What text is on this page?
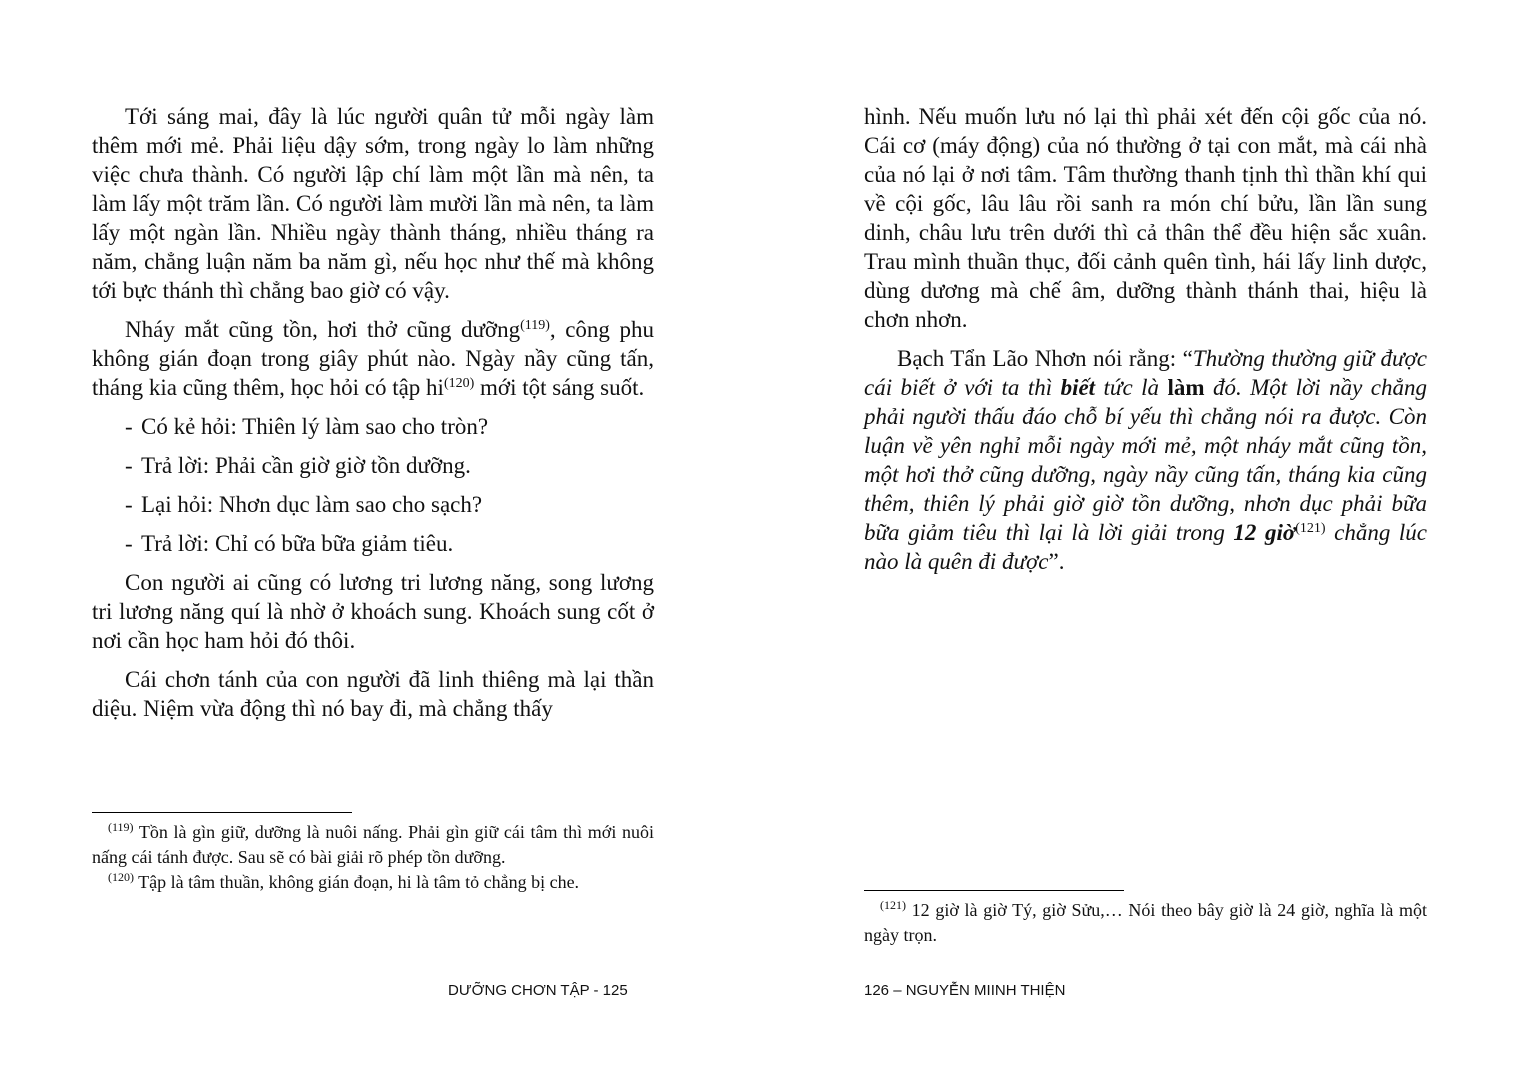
Tới sáng mai, đây là lúc người quân tử mỗi ngày làm thêm mới mẻ. Phải liệu dậy sớm, trong ngày lo làm những việc chưa thành. Có người lập chí làm một lần mà nên, ta làm lấy một trăm lần. Có người làm mười lần mà nên, ta làm lấy một ngàn lần. Nhiều ngày thành tháng, nhiều tháng ra năm, chẳng luận năm ba năm gì, nếu học như thế mà không tới bực thánh thì chẳng bao giờ có vậy.

Nháy mắt cũng tồn, hơi thở cũng dưỡng$^{(119)}$, công phu không gián đoạn trong giây phút nào. Ngày nầy cũng tấn, tháng kia cũng thêm, học hỏi có tập $hi^{(120)}$ mới tột sáng suốt.

- Có kẻ hỏi: Thiên lý làm sao cho tròn?

- Trả lời: Phải cần giờ giờ tồn dưỡng.

- Lại hỏi: Nhơn dục làm sao cho sạch?

- Trả lời: Chỉ có bữa bữa giảm tiêu.

Con người ai cũng có lương tri lương năng, song lương tri lương năng quí là nhờ ở khoách sung. Khoách sung cốt ở nơi cần học ham hỏi đó thôi.

Cái chơn tánh của con người đã linh thiêng mà lại thần diệu. Niệm vừa động thì nó bay đi, mà chẳng thấy

$^{(119)}$ Tồn là gìn giữ, dưỡng là nuôi nấng. Phải gìn giữ cái tâm thì mới nuôi nấng cái tánh được. Sau sẽ có bài giải rõ phép tồn dưỡng.

$^{(120)}$ Tập là tâm thuần, không gián đoạn, hi là tâm tỏ chẳng bị che.

DƯỠNG CHƠN TẬP - 125

hình. Nếu muốn lưu nó lại thì phải xét đến cội gốc của nó. Cái cơ (máy động) của nó thường ở tại con mắt, mà cái nhà của nó lại ở nơi tâm. Tâm thường thanh tịnh thì thần khí qui về cội gốc, lâu lâu rồi sanh ra món chí bửu, lần lần sung dinh, châu lưu trên dưới thì cả thân thể đều hiện sắc xuân. Trau mình thuần thục, đối cảnh quên tình, hái lấy linh dược, dùng dương mà chế âm, dưỡng thành thánh thai, hiệu là chơn nhơn.

Bạch Tẩn Lão Nhơn nói rằng: “Thường thường giữ được cái biết ở với ta thì biết tức là làm đó. Một lời nầy chẳng phải người thấu đáo chỗ bí yếu thì chẳng nói ra được. Còn luận về yên nghỉ mỗi ngày mới mẻ, một nháy mắt cũng tồn, một hơi thở cũng dưỡng, ngày nầy cũng tấn, tháng kia cũng thêm, thiên lý phải giờ giờ tồn dưỡng, nhơn dục phải bữa bữa giảm tiêu thì lại là lời giải trong 12 giờ$^{(121)}$ chẳng lúc nào là quên đi được”.

$^{(121)}$ 12 giờ là giờ Tý, giờ Sửu,… Nói theo bây giờ là 24 giờ, nghĩa là một ngày trọn.

126 – NGUYỄN MIINH THIỆN
